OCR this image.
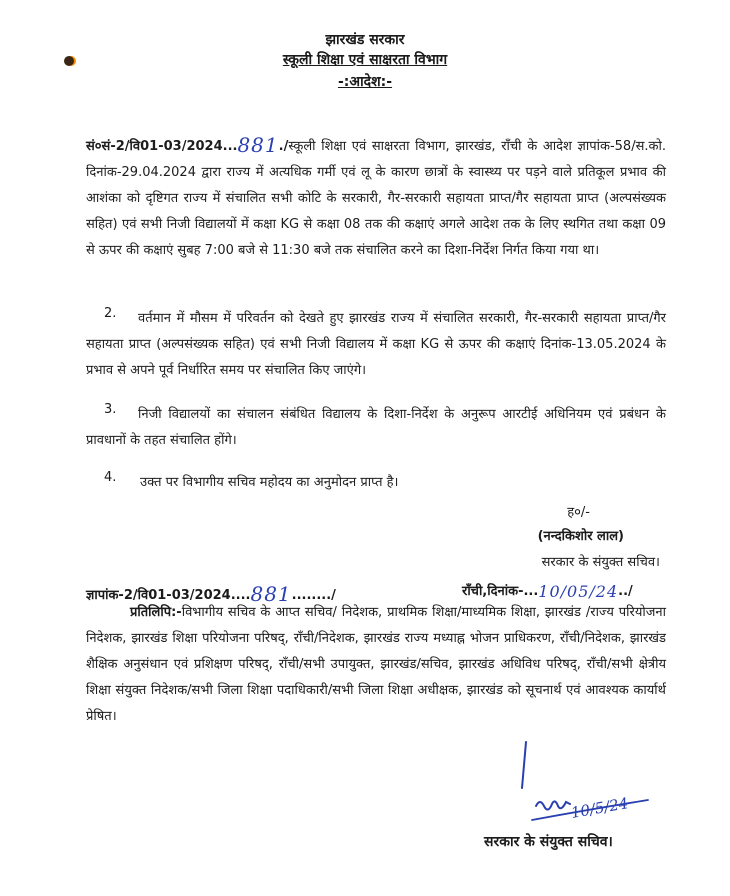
झारखंड सरकार
स्कूली शिक्षा एवं साक्षरता विभाग
-:आदेश:-
सं०सं-2/वि01-03/2024...881./स्कूली शिक्षा एवं साक्षरता विभाग, झारखंड, राँची के आदेश ज्ञापांक-58/स.को. दिनांक-29.04.2024 द्वारा राज्य में अत्यधिक गर्मी एवं लू के कारण छात्रों के स्वास्थ्य पर पड़ने वाले प्रतिकूल प्रभाव की आशंका को दृष्टिगत राज्य में संचालित सभी कोटि के सरकारी, गैर-सरकारी सहायता प्राप्त/गैर सहायता प्राप्त (अल्पसंख्यक सहित) एवं सभी निजी विद्यालयों में कक्षा KG से कक्षा 08 तक की कक्षाएं अगले आदेश तक के लिए स्थगित तथा कक्षा 09 से ऊपर की कक्षाएं सुबह 7:00 बजे से 11:30 बजे तक संचालित करने का दिशा-निर्देश निर्गत किया गया था।
2.	वर्तमान में मौसम में परिवर्तन को देखते हुए झारखंड राज्य में संचालित सरकारी, गैर-सरकारी सहायता प्राप्त/गैर सहायता प्राप्त (अल्पसंख्यक सहित) एवं सभी निजी विद्यालय में कक्षा KG से ऊपर की कक्षाएं दिनांक-13.05.2024 के प्रभाव से अपने पूर्व निर्धारित समय पर संचालित किए जाएंगे।
3.	निजी विद्यालयों का संचालन संबंधित विद्यालय के दिशा-निर्देश के अनुरूप आरटीई अधिनियम एवं प्रबंधन के प्रावधानों के तहत संचालित होंगे।
4. उक्त पर विभागीय सचिव महोदय का अनुमोदन प्राप्त है।
ह०/-
(नन्दकिशोर लाल)
सरकार के संयुक्त सचिव।
ज्ञापांक-2/वि01-03/2024....881......../	राँची,दिनांक-...10/05/24../
प्रतिलिपि:-विभागीय सचिव के आप्त सचिव/ निदेशक, प्राथमिक शिक्षा/माध्यमिक शिक्षा, झारखंड /राज्य परियोजना निदेशक, झारखंड शिक्षा परियोजना परिषद्, राँची/निदेशक, झारखंड राज्य मध्याह्न भोजन प्राधिकरण, राँची/निदेशक, झारखंड शैक्षिक अनुसंधान एवं प्रशिक्षण परिषद्, राँची/सभी उपायुक्त, झारखंड/सचिव, झारखंड अधिविध परिषद्, राँची/सभी क्षेत्रीय शिक्षा संयुक्त निदेशक/सभी जिला शिक्षा पदाधिकारी/सभी जिला शिक्षा अधीक्षक, झारखंड को सूचनार्थ एवं आवश्यक कार्यार्थ प्रेषित।
10/5/24
सरकार के संयुक्त सचिव।
